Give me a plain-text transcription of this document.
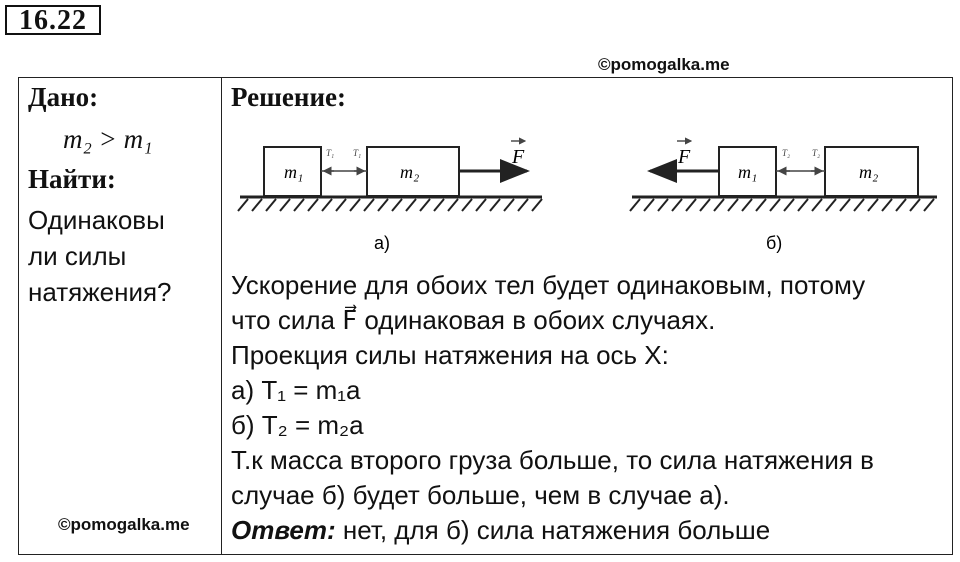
16.22
©pomogalka.me
Дано:
m₂ > m₁
Найти:
Одинаковы
ли силы
натяжения?

Решение:
m₁	m₂
T₁ T₁	F
а)
m₁	m₂
T₂ T₂
F
б)
Ускорение для обоих тел будет одинаковым, потому
что сила F⃗ одинаковая в обоих случаях.
Проекция силы натяжения на ось X:
а) T₁ = m₁a
б) T₂ = m₂a
Т.к масса второго груза больше, то сила натяжения в
случае б) будет больше, чем в случае а).
Ответ: нет, для б) сила натяжения больше
©pomogalka.me
